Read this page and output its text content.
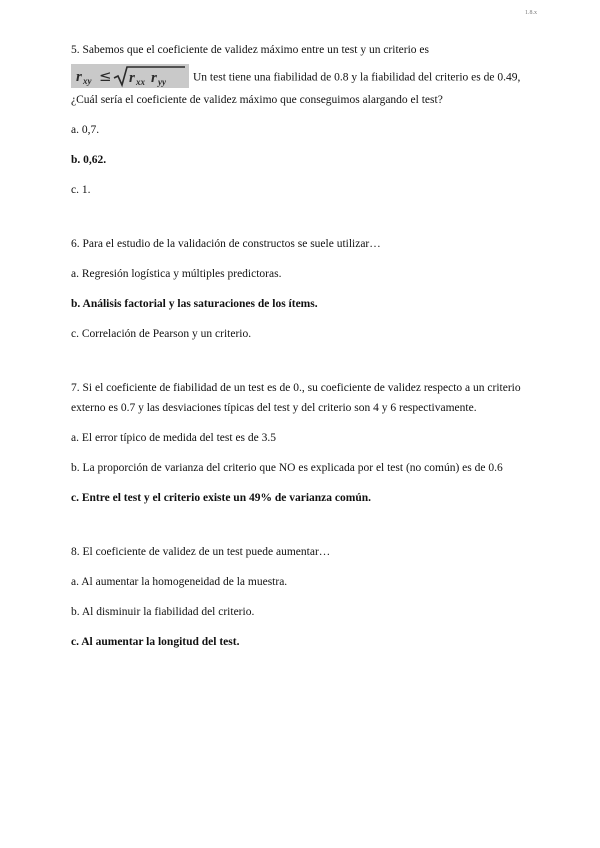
1.8.x

5. Sabemos que el coeficiente de validez máximo entre un test y un criterio es

r xy ≤ r xx r yy Un test tiene una fiabilidad de 0.8 y la fiabilidad del criterio es de 0.49, ¿Cuál sería el coeficiente de validez máximo que conseguimos alargando el test?

a. 0,7.

b. 0,62.

c. 1.

6. Para el estudio de la validación de constructos se suele utilizar…

a. Regresión logística y múltiples predictoras.

b. Análisis factorial y las saturaciones de los ítems.

c. Correlación de Pearson y un criterio.

7. Si el coeficiente de fiabilidad de un test es de 0., su coeficiente de validez respecto a un criterio externo es 0.7 y las desviaciones típicas del test y del criterio son 4 y 6 respectivamente.

a. El error típico de medida del test es de 3.5

b. La proporción de varianza del criterio que NO es explicada por el test (no común) es de 0.6

c. Entre el test y el criterio existe un 49% de varianza común.

8. El coeficiente de validez de un test puede aumentar…

a. Al aumentar la homogeneidad de la muestra.

b. Al disminuir la fiabilidad del criterio.

c. Al aumentar la longitud del test.
